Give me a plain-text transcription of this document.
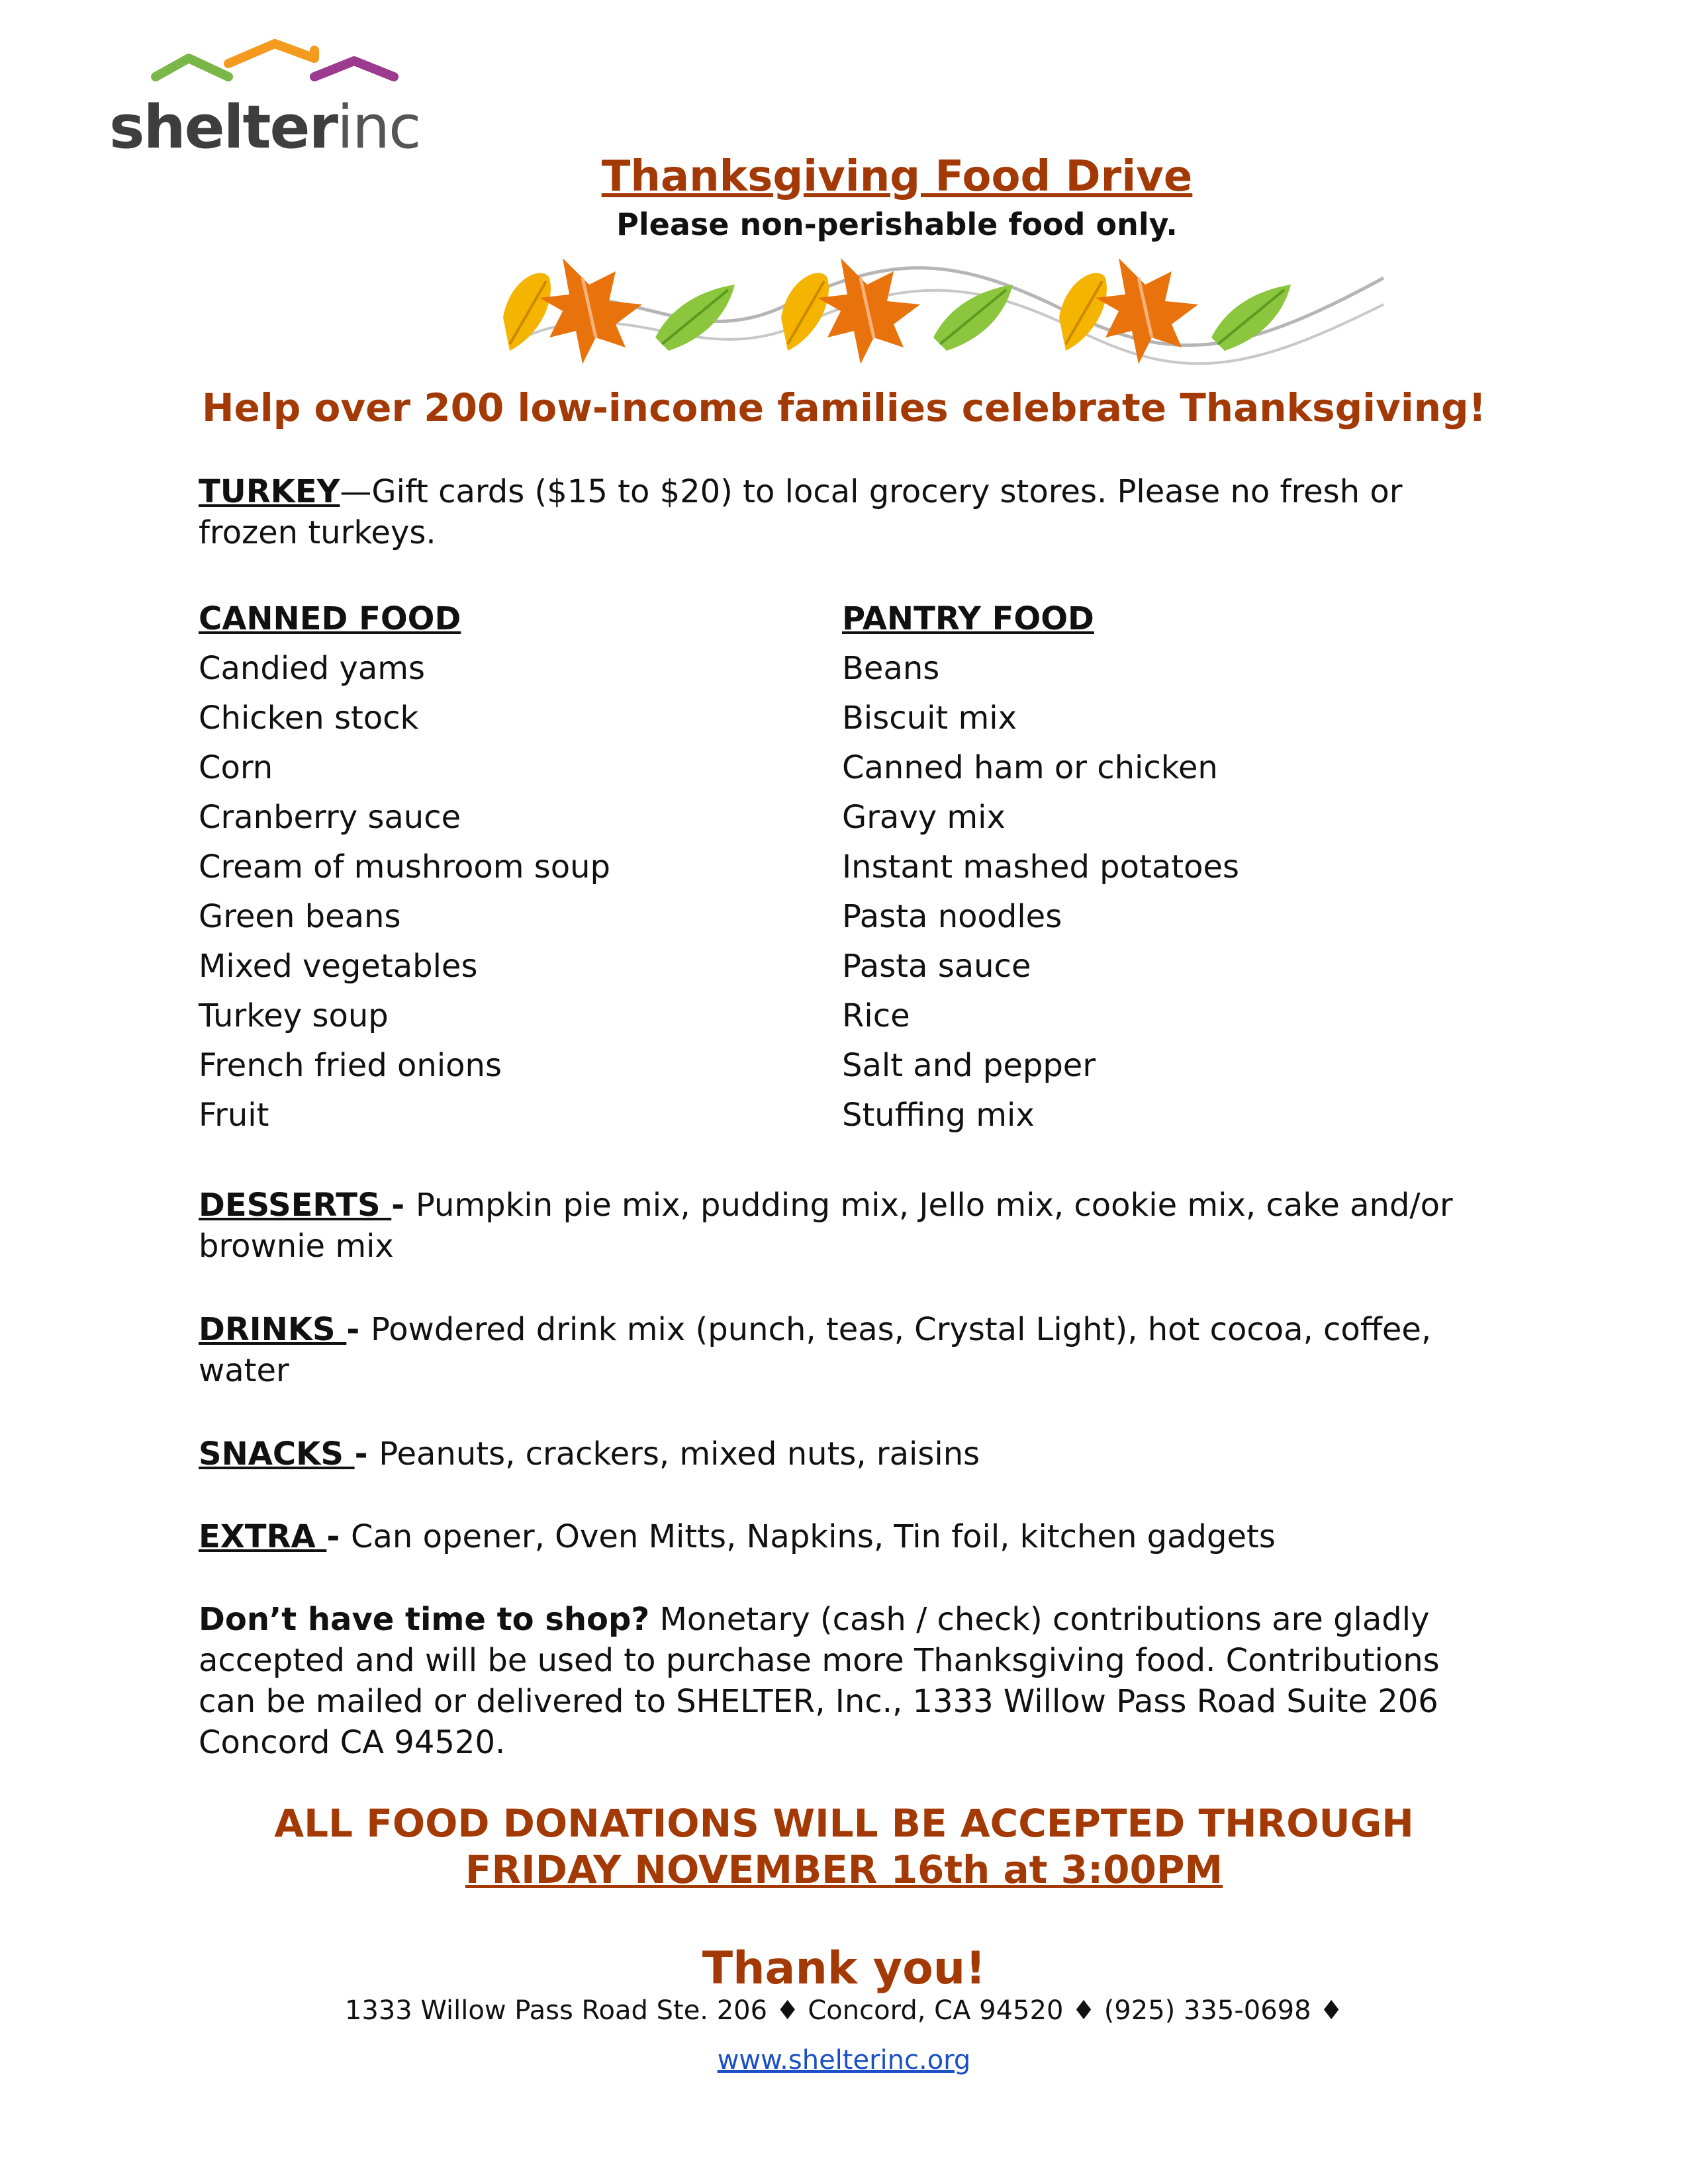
shelterinc
Thanksgiving Food Drive
Please non-perishable food only.
Help over 200 low-income families celebrate Thanksgiving!
TURKEY—Gift cards ($15 to $20) to local grocery stores. Please no fresh or frozen turkeys.
CANNED FOOD
Candied yams
Chicken stock
Corn
Cranberry sauce
Cream of mushroom soup
Green beans
Mixed vegetables
Turkey soup
French fried onions
Fruit
PANTRY FOOD
Beans
Biscuit mix
Canned ham or chicken
Gravy mix
Instant mashed potatoes
Pasta noodles
Pasta sauce
Rice
Salt and pepper
Stuffing mix
DESSERTS - Pumpkin pie mix, pudding mix, Jello mix, cookie mix, cake and/or brownie mix
DRINKS - Powdered drink mix (punch, teas, Crystal Light), hot cocoa, coffee, water
SNACKS - Peanuts, crackers, mixed nuts, raisins
EXTRA - Can opener, Oven Mitts, Napkins, Tin foil, kitchen gadgets
Don’t have time to shop? Monetary (cash / check) contributions are gladly accepted and will be used to purchase more Thanksgiving food. Contributions can be mailed or delivered to SHELTER, Inc., 1333 Willow Pass Road Suite 206 Concord CA 94520.
ALL FOOD DONATIONS WILL BE ACCEPTED THROUGH
FRIDAY NOVEMBER 16th at 3:00PM
Thank you!
1333 Willow Pass Road Ste. 206 ♦ Concord, CA 94520 ♦ (925) 335-0698 ♦
www.shelterinc.org
